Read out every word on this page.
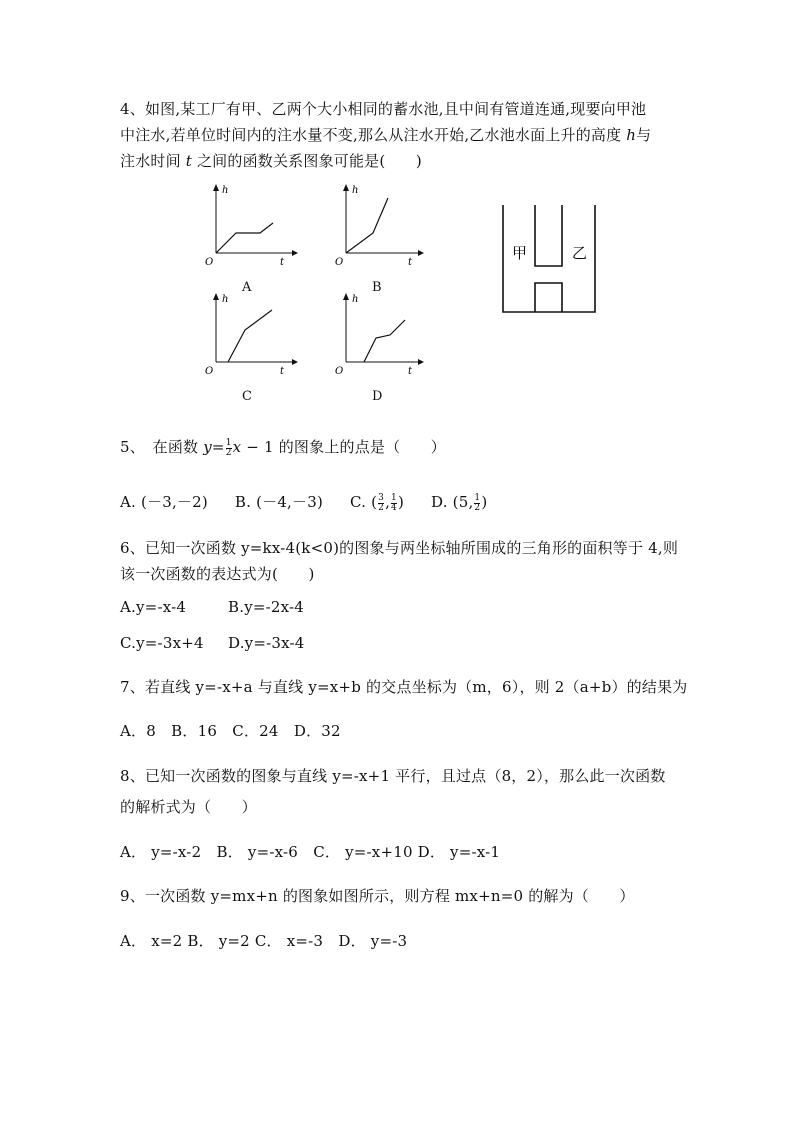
4、如图,某工厂有甲、乙两个大小相同的蓄水池,且中间有管道连通,现要向甲池
中注水,若单位时间内的注水量不变,那么从注水开始,乙水池水面上升的高度 h与
注水时间 t 之间的函数关系图象可能是(　　)
h
O	t
A
h
O	t
B
h
O	t
C
h
O	t
D
甲	乙
5、　在函数 $y= \frac{1}{2}$ x − 1 的图象上的点是（　　）
A. (－3,－2) B. (－4,－3) C. ( $\frac{3}{2}$ , $\frac{1}{4}$ ) D. (5, $\frac{1}{2}$ )
6、已知一次函数 y=kx-4(k<0)的图象与两坐标轴所围成的三角形的面积等于 4,则
该一次函数的表达式为(　　)
A.y=-x-4	B.y=-2x-4
C.y=-3x+4 D.y=-3x-4
7、若直线 y=-x+a 与直线 y=x+b 的交点坐标为（m，6），则 2（a+b）的结果为
A．8　B．16　C．24　D．32
8、已知一次函数的图象与直线 y=-x+1 平行，且过点（8，2），那么此一次函数
的解析式为（　　）
A． y=-x-2　B． y=-x-6　C． y=-x+10 D． y=-x-1
9、一次函数 y=mx+n 的图象如图所示，则方程 mx+n=0 的解为（　　）
A． x=2 B． y=2 C． x=-3　D． y=-3
